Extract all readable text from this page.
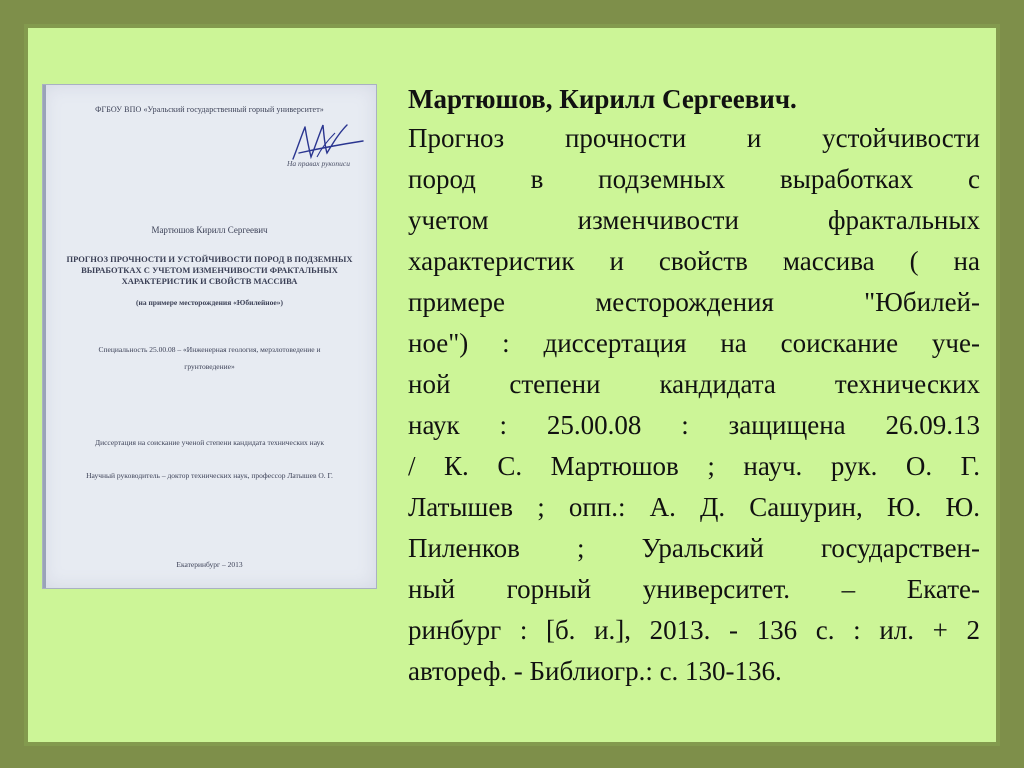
ФГБОУ ВПО «Уральский государственный горный университет»
На правах рукописи
Мартюшов Кирилл Сергеевич
ПРОГНОЗ ПРОЧНОСТИ И УСТОЙЧИВОСТИ ПОРОД В ПОДЗЕМНЫХ
ВЫРАБОТКАХ С УЧЕТОМ ИЗМЕНЧИВОСТИ ФРАКТАЛЬНЫХ
ХАРАКТЕРИСТИК И СВОЙСТВ МАССИВА
(на примере месторождения «Юбилейное»)
Специальность 25.00.08 – «Инженерная геология, мерзлотоведение и
грунтоведение»
Диссертация на соискание ученой степени кандидата технических наук
Научный руководитель – доктор технических наук, профессор Латышев О. Г.
Екатеринбург – 2013

Мартюшов, Кирилл Сергеевич.

Прогноз прочности и устойчивости
пород в подземных выработках с
учетом изменчивости фрактальных
характеристик и свойств массива ( на
примере месторождения "Юбилей-
ное") : диссертация на соискание уче-
ной степени кандидата технических
наук : 25.00.08 : защищена 26.09.13
/ К. С. Мартюшов ; науч. рук. О. Г.
Латышев ; опп.: А. Д. Сашурин, Ю. Ю.
Пиленков ; Уральский государствен-
ный горный университет. – Екате-
ринбург : [б. и.], 2013. - 136 с. : ил. + 2
автореф. - Библиогр.: с. 130-136.
